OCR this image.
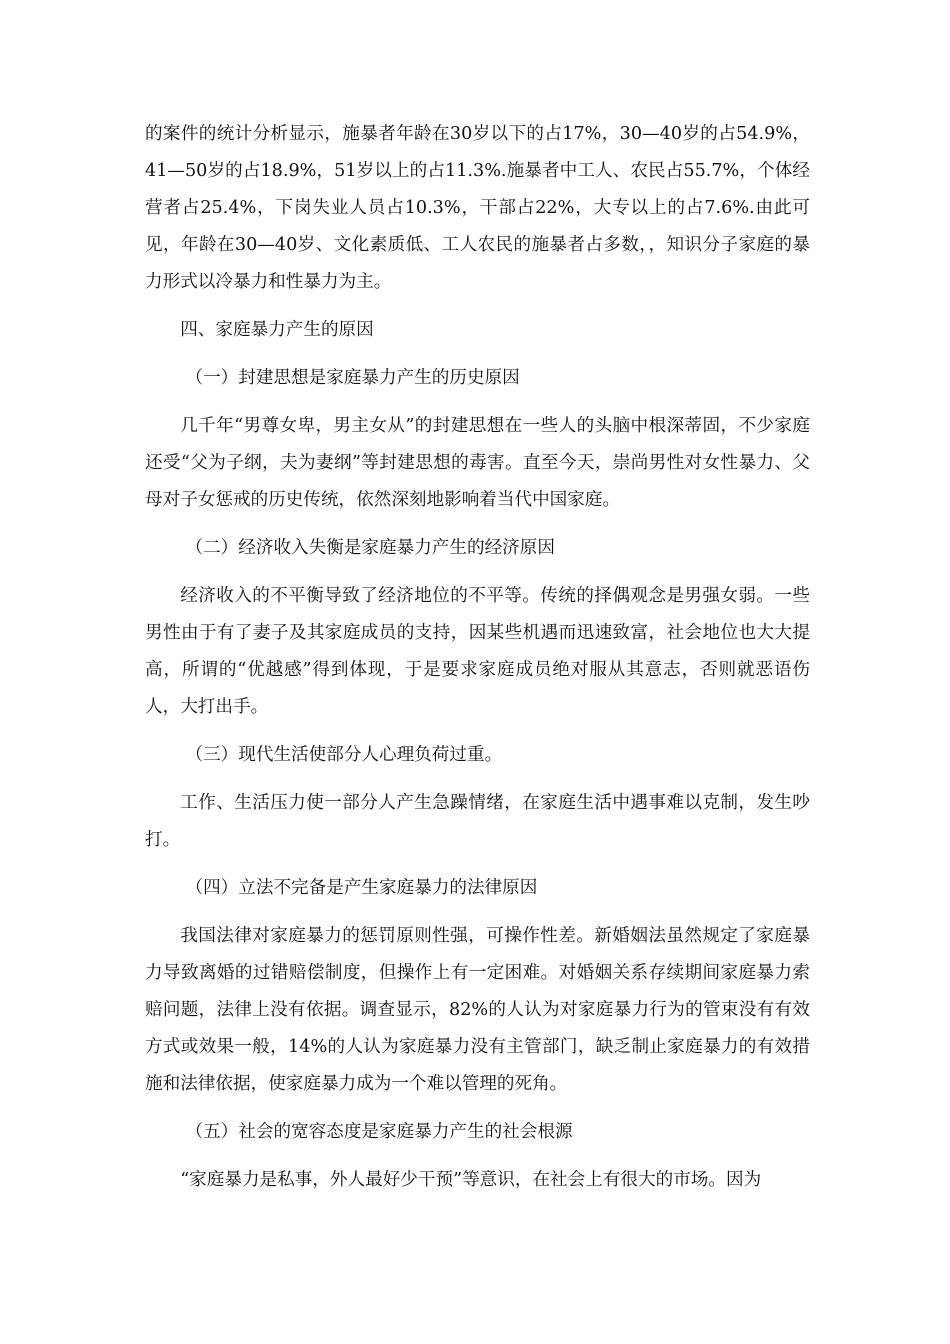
的案件的统计分析显示，施暴者年龄在30岁以下的占17%，30—40岁的占54.9%，41—50岁的占18.9%，51岁以上的占11.3%.施暴者中工人、农民占55.7%，个体经营者占25.4%，下岗失业人员占10.3%，干部占22%，大专以上的占7.6%.由此可见，年龄在30—40岁、文化素质低、工人农民的施暴者占多数，，知识分子家庭的暴力形式以冷暴力和性暴力为主。

四、家庭暴力产生的原因

（一）封建思想是家庭暴力产生的历史原因

几千年“男尊女卑，男主女从”的封建思想在一些人的头脑中根深蒂固，不少家庭还受“父为子纲，夫为妻纲”等封建思想的毒害。直至今天，崇尚男性对女性暴力、父母对子女惩戒的历史传统，依然深刻地影响着当代中国家庭。

（二）经济收入失衡是家庭暴力产生的经济原因

经济收入的不平衡导致了经济地位的不平等。传统的择偶观念是男强女弱。一些男性由于有了妻子及其家庭成员的支持，因某些机遇而迅速致富，社会地位也大大提高，所谓的“优越感”得到体现，于是要求家庭成员绝对服从其意志，否则就恶语伤人，大打出手。

（三）现代生活使部分人心理负荷过重。

工作、生活压力使一部分人产生急躁情绪，在家庭生活中遇事难以克制，发生吵打。

（四）立法不完备是产生家庭暴力的法律原因

我国法律对家庭暴力的惩罚原则性强，可操作性差。新婚姻法虽然规定了家庭暴力导致离婚的过错赔偿制度，但操作上有一定困难。对婚姻关系存续期间家庭暴力索赔问题，法律上没有依据。调查显示，82%的人认为对家庭暴力行为的管束没有有效方式或效果一般，14%的人认为家庭暴力没有主管部门，缺乏制止家庭暴力的有效措施和法律依据，使家庭暴力成为一个难以管理的死角。

（五）社会的宽容态度是家庭暴力产生的社会根源

“家庭暴力是私事，外人最好少干预”等意识，在社会上有很大的市场。因为
